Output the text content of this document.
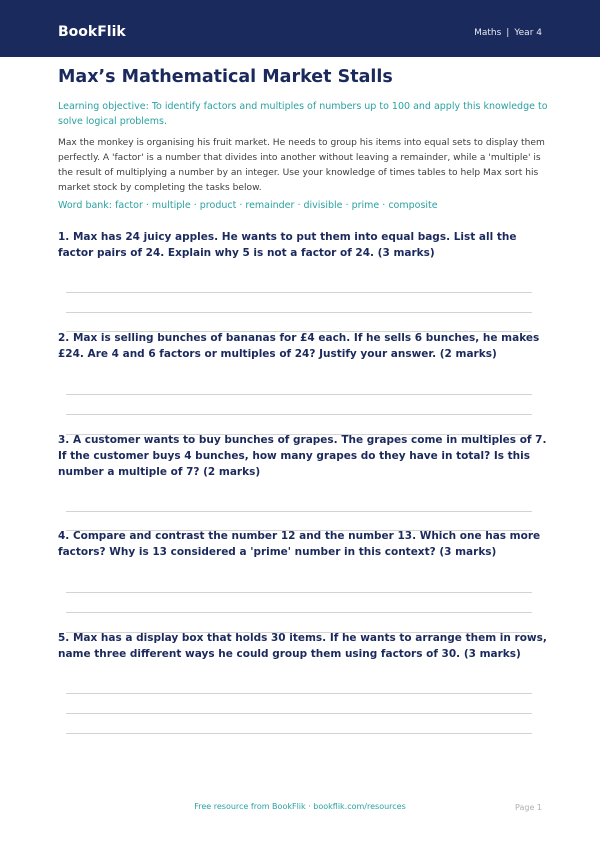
BookFlik	Maths | Year 4
Max’s Mathematical Market Stalls

Learning objective: To identify factors and multiples of numbers up to 100 and apply this knowledge to solve logical problems.

Max the monkey is organising his fruit market. He needs to group his items into equal sets to display them perfectly. A 'factor' is a number that divides into another without leaving a remainder, while a 'multiple' is the result of multiplying a number by an integer. Use your knowledge of times tables to help Max sort his market stock by completing the tasks below.

Word bank: factor · multiple · product · remainder · divisible · prime · composite

1. Max has 24 juicy apples. He wants to put them into equal bags. List all the factor pairs of 24. Explain why 5 is not a factor of 24. (3 marks)

2. Max is selling bunches of bananas for £4 each. If he sells 6 bunches, he makes £24. Are 4 and 6 factors or multiples of 24? Justify your answer. (2 marks)

3. A customer wants to buy bunches of grapes. The grapes come in multiples of 7. If the customer buys 4 bunches, how many grapes do they have in total? Is this number a multiple of 7? (2 marks)

4. Compare and contrast the number 12 and the number 13. Which one has more factors? Why is 13 considered a 'prime' number in this context? (3 marks)

5. Max has a display box that holds 30 items. If he wants to arrange them in rows, name three different ways he could group them using factors of 30. (3 marks)

Free resource from BookFlik · bookflik.com/resources	Page 1
